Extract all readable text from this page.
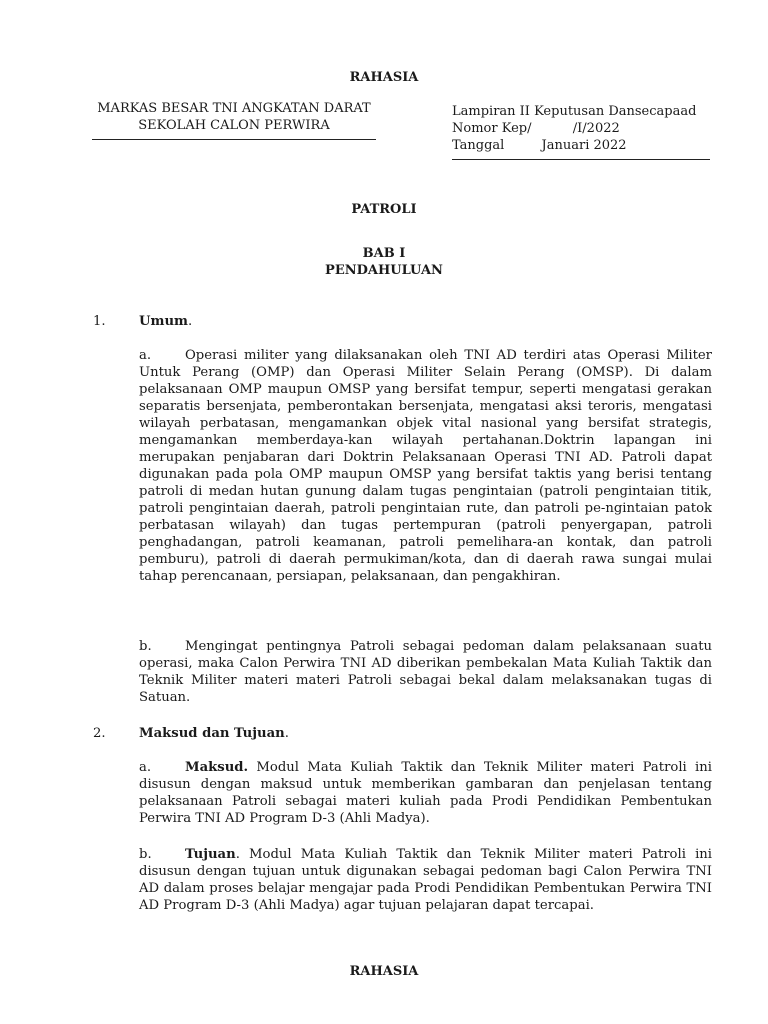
RAHASIA
MARKAS BESAR TNI ANGKATAN DARAT
SEKOLAH CALON PERWIRA
Lampiran II Keputusan Dansecapaad
Nomor Kep/          /I/2022
Tanggal         Januari 2022
PATROLI
BAB I
PENDAHULUAN
1.	Umum.
a.	Operasi militer yang dilaksanakan oleh TNI AD terdiri atas Operasi Militer Untuk Perang (OMP) dan Operasi Militer Selain Perang (OMSP). Di dalam pelaksanaan OMP maupun OMSP yang bersifat tempur, seperti mengatasi gerakan separatis bersenjata, pemberontakan bersenjata, mengatasi aksi teroris, mengatasi wilayah perbatasan, mengamankan objek vital nasional yang bersifat strategis, mengamankan memberdaya-kan wilayah pertahanan.Doktrin lapangan ini merupakan penjabaran dari Doktrin Pelaksanaan Operasi TNI AD. Patroli dapat digunakan pada pola OMP maupun OMSP yang bersifat taktis yang berisi tentang patroli di medan hutan gunung dalam tugas pengintaian (patroli pengintaian titik, patroli pengintaian daerah, patroli pengintaian rute, dan patroli pe-ngintaian patok perbatasan wilayah) dan tugas pertempuran (patroli penyergapan, patroli penghadangan, patroli keamanan, patroli pemelihara-an kontak, dan patroli pemburu), patroli di daerah permukiman/kota, dan di daerah rawa sungai mulai tahap perencanaan, persiapan, pelaksanaan, dan pengakhiran.
b.	Mengingat pentingnya Patroli sebagai pedoman dalam pelaksanaan suatu operasi, maka Calon Perwira TNI AD diberikan pembekalan Mata Kuliah Taktik dan Teknik Militer materi materi Patroli sebagai bekal dalam melaksanakan tugas di Satuan.
2.	Maksud dan Tujuan.
a.	Maksud. Modul Mata Kuliah Taktik dan Teknik Militer materi Patroli ini disusun dengan maksud untuk memberikan gambaran dan penjelasan tentang pelaksanaan Patroli sebagai materi kuliah pada Prodi Pendidikan Pembentukan Perwira TNI AD Program D-3 (Ahli Madya).
b.	Tujuan. Modul Mata Kuliah Taktik dan Teknik Militer materi Patroli ini disusun dengan tujuan untuk digunakan sebagai pedoman bagi Calon Perwira TNI AD dalam proses belajar mengajar pada Prodi Pendidikan Pembentukan Perwira TNI AD Program D-3 (Ahli Madya) agar tujuan pelajaran dapat tercapai.
RAHASIA
